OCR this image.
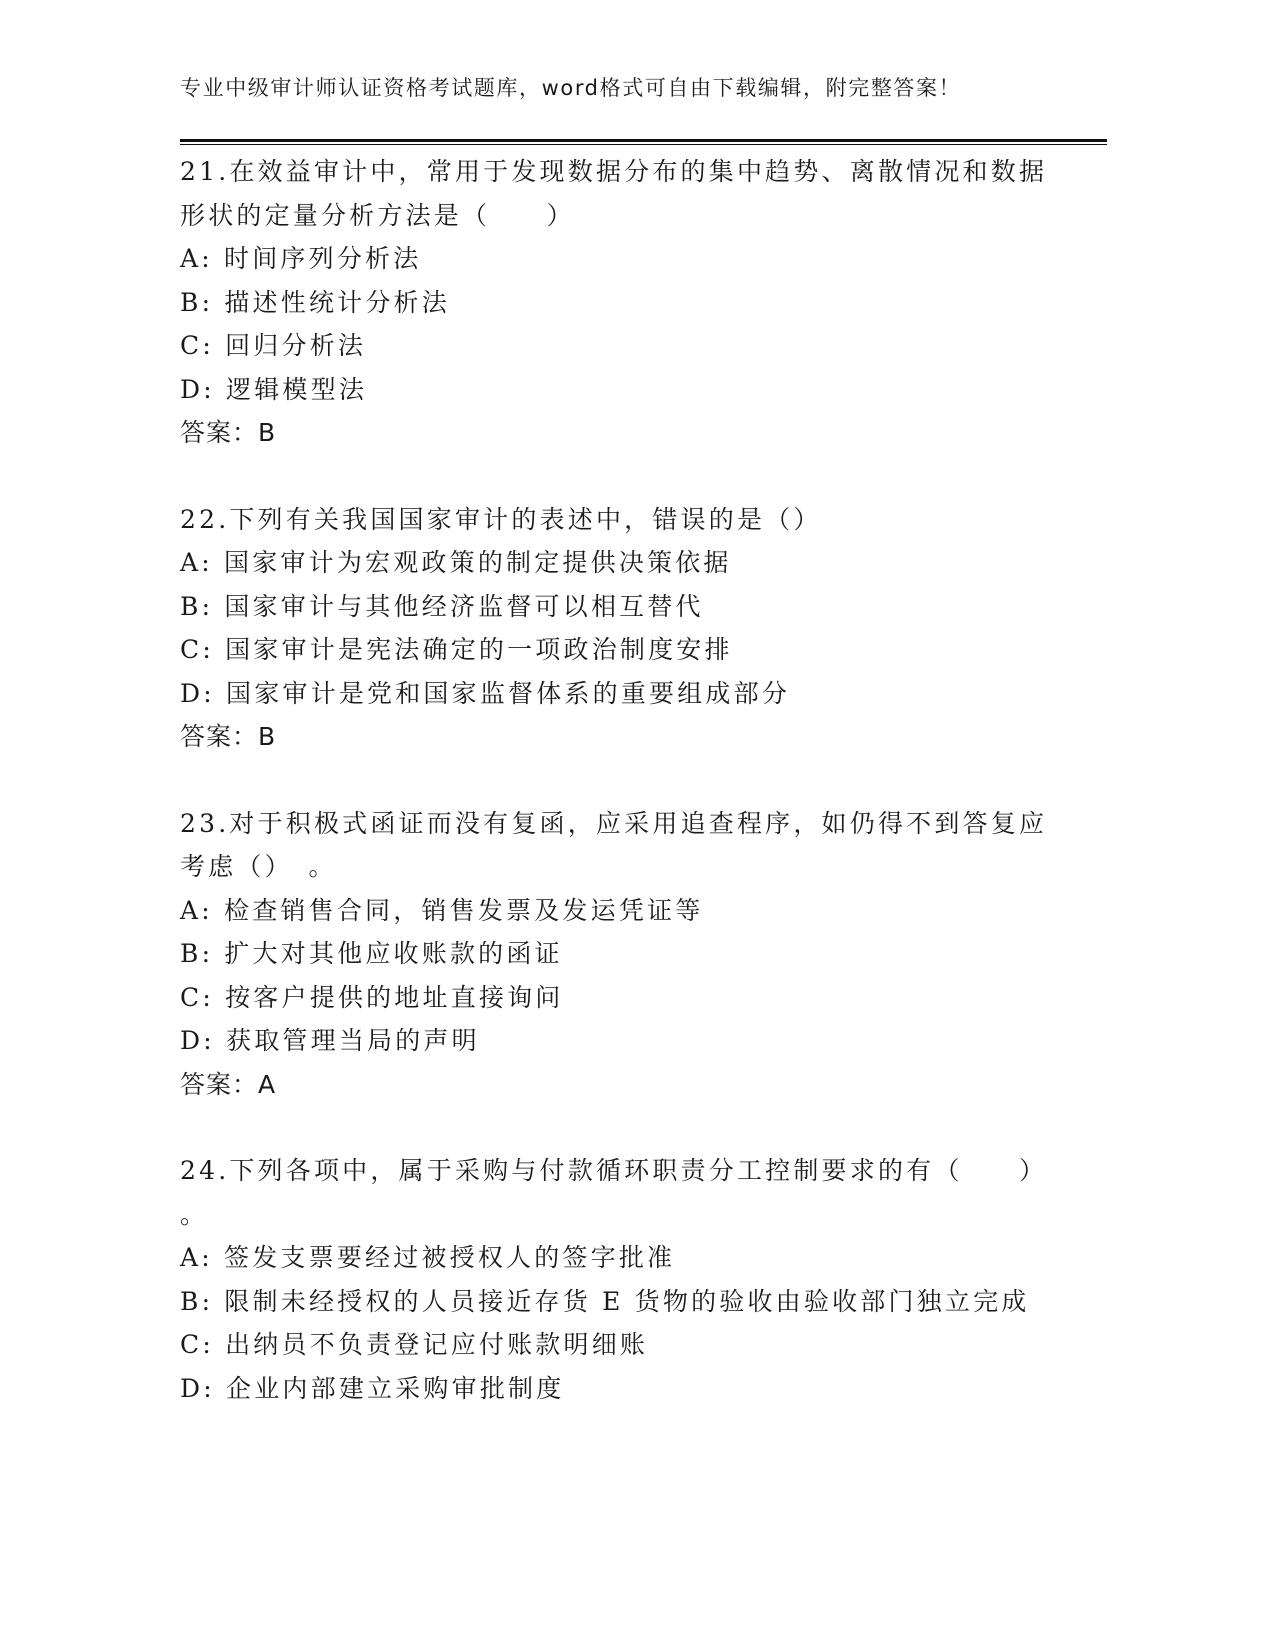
专业中级审计师认证资格考试题库，word格式可自由下载编辑，附完整答案！
21.在效益审计中，常用于发现数据分布的集中趋势、离散情况和数据
形状的定量分析方法是（　　）
A: 时间序列分析法
B: 描述性统计分析法
C: 回归分析法
D: 逻辑模型法
答案：B
22.下列有关我国国家审计的表述中，错误的是（）
A: 国家审计为宏观政策的制定提供决策依据
B: 国家审计与其他经济监督可以相互替代
C: 国家审计是宪法确定的一项政治制度安排
D: 国家审计是党和国家监督体系的重要组成部分
答案：B
23.对于积极式函证而没有复函，应采用追查程序，如仍得不到答复应
考虑（）　。
A: 检查销售合同，销售发票及发运凭证等
B: 扩大对其他应收账款的函证
C: 按客户提供的地址直接询问
D: 获取管理当局的声明
答案：A
24.下列各项中，属于采购与付款循环职责分工控制要求的有（　　）
。
A: 签发支票要经过被授权人的签字批准
B: 限制未经授权的人员接近存货 E 货物的验收由验收部门独立完成
C: 出纳员不负责登记应付账款明细账
D: 企业内部建立采购审批制度
